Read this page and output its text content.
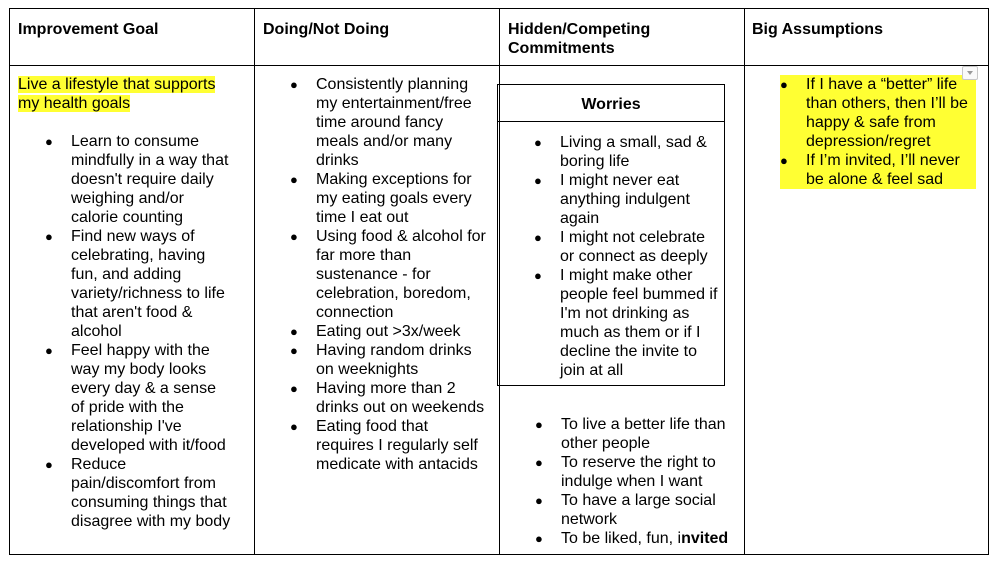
Improvement Goal	Doing/Not Doing	Hidden/Competing Commitments
Big Assumptions
Live a lifestyle that supports my health goals
● Learn to consume mindfully in a way that doesn't require daily weighing and/or calorie counting
● Find new ways of celebrating, having fun, and adding variety/richness to life that aren't food & alcohol
● Feel happy with the way my body looks every day & a sense of pride with the relationship I've developed with it/food
● Reduce pain/discomfort from consuming things that disagree with my body
● Consistently planning my entertainment/free time around fancy meals and/or many drinks
● Making exceptions for my eating goals every time I eat out
● Using food & alcohol for far more than sustenance - for celebration, boredom, connection
● Eating out >3x/week
● Having random drinks on weeknights
● Having more than 2 drinks out on weekends
● Eating food that requires I regularly self medicate with antacids
Worries
● Living a small, sad & boring life
● I might never eat anything indulgent again
● I might not celebrate or connect as deeply
● I might make other people feel bummed if I'm not drinking as much as them or if I decline the invite to join at all
● To live a better life than other people
● To reserve the right to indulge when I want
● To have a large social network
● To be liked, fun, invited
● If I have a “better” life than others, then I’ll be happy & safe from depression/regret
● If I’m invited, I’ll never be alone & feel sad
